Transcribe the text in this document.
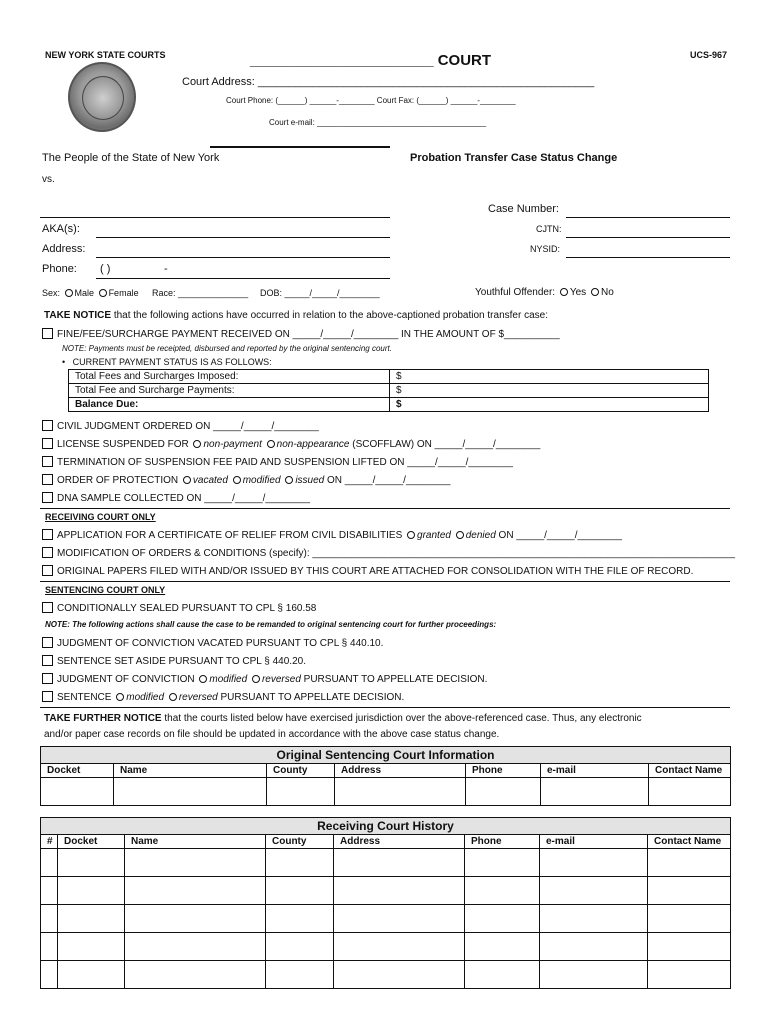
NEW YORK STATE COURTS	______________________ COURT	UCS-967
Court Address: _______________________________________________________
Court Phone: (______) ______-________ Court Fax: (______) ______-________
Court e-mail: ______________________________________
The People of the State of New York
vs.
Probation Transfer Case Status Change
AKA(s):
Address:
Phone: ( )	-
Case Number:
CJTN:
NYSID:
Sex: Male Female Race: ______________ DOB: _____/_____/________	Youthful Offender: Yes No
TAKE NOTICE that the following actions have occurred in relation to the above-captioned probation transfer case:
FINE/FEE/SURCHARGE PAYMENT RECEIVED ON _____/_____/________ IN THE AMOUNT OF $__________
NOTE: Payments must be receipted, disbursed and reported by the original sentencing court.
•   CURRENT PAYMENT STATUS IS AS FOLLOWS:
Total Fees and Surcharges Imposed:	$
Total Fee and Surcharge Payments:	$
Balance Due:	$
CIVIL JUDGMENT ORDERED ON _____/_____/________
LICENSE SUSPENDED FOR non-payment non-appearance (SCOFFLAW) ON _____/_____/________
TERMINATION OF SUSPENSION FEE PAID AND SUSPENSION LIFTED ON _____/_____/________
ORDER OF PROTECTION vacated modified issued ON _____/_____/________
DNA SAMPLE COLLECTED ON _____/_____/________
RECEIVING COURT ONLY
APPLICATION FOR A CERTIFICATE OF RELIEF FROM CIVIL DISABILITIES granted denied ON _____/_____/________
MODIFICATION OF ORDERS & CONDITIONS (specify): ____________________________________________________________________________
ORIGINAL PAPERS FILED WITH AND/OR ISSUED BY THIS COURT ARE ATTACHED FOR CONSOLIDATION WITH THE FILE OF RECORD.
SENTENCING COURT ONLY
CONDITIONALLY SEALED PURSUANT TO CPL § 160.58
NOTE: The following actions shall cause the case to be remanded to original sentencing court for further proceedings:
JUDGMENT OF CONVICTION VACATED PURSUANT TO CPL § 440.10.
SENTENCE SET ASIDE PURSUANT TO CPL § 440.20.
JUDGMENT OF CONVICTION modified reversed PURSUANT TO APPELLATE DECISION.
SENTENCE modified reversed PURSUANT TO APPELLATE DECISION.
TAKE FURTHER NOTICE that the courts listed below have exercised jurisdiction over the above-referenced case. Thus, any electronic
and/or paper case records on file should be updated in accordance with the above case status change.
Original Sentencing Court Information						
Docket	Name	County	Address	Phone	e-mail	Contact Name

Receiving Court History							
#	Docket	Name	County	Address	Phone	e-mail	Contact Name
